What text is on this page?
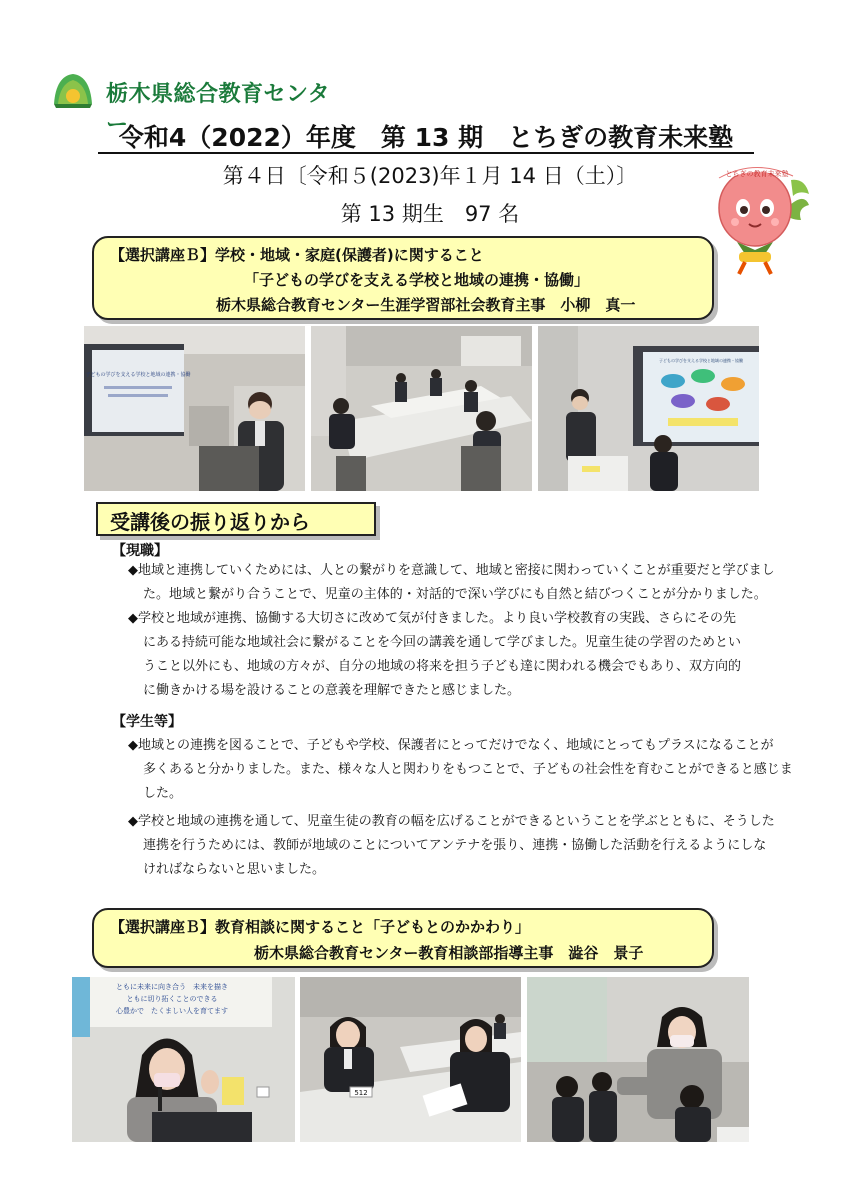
栃木県総合教育センター
令和4（2022）年度　第 13 期　とちぎの教育未来塾
第４日〔令和５(2023)年１月 14 日（土）〕
第 13 期生　97 名
とちぎの教育未来塾
【選択講座Ｂ】学校・地域・家庭(保護者)に関すること
「子どもの学びを支える学校と地域の連携・協働」
栃木県総合教育センター生涯学習部社会教育主事　小柳　真一
子どもの学びを支える学校と地域の連携・協働
子どもの学びを支える学校と地域の連携・協働
受講後の振り返りから
【現職】
◆地域と連携していくためには、人との繋がりを意識して、地域と密接に関わっていくことが重要だと学びまし
た。地域と繋がり合うことで、児童の主体的・対話的で深い学びにも自然と結びつくことが分かりました。
◆学校と地域が連携、協働する大切さに改めて気が付きました。より良い学校教育の実践、さらにその先
にある持続可能な地域社会に繋がることを今回の講義を通して学びました。児童生徒の学習のためとい
うこと以外にも、地域の方々が、自分の地域の将来を担う子ども達に関われる機会でもあり、双方向的
に働きかける場を設けることの意義を理解できたと感じました。
【学生等】
◆地域との連携を図ることで、子どもや学校、保護者にとってだけでなく、地域にとってもプラスになることが
多くあると分かりました。また、様々な人と関わりをもつことで、子どもの社会性を育むことができると感じま
した。
◆学校と地域の連携を通して、児童生徒の教育の幅を広げることができるということを学ぶとともに、そうした
連携を行うためには、教師が地域のことについてアンテナを張り、連携・協働した活動を行えるようにしな
ければならないと思いました。
【選択講座Ｂ】教育相談に関すること「子どもとのかかわり」
栃木県総合教育センター教育相談部指導主事　澁谷　景子
ともに未来に向き合う　未来を描き
ともに切り拓くことのできる
心豊かで　たくましい人を育てます
512
